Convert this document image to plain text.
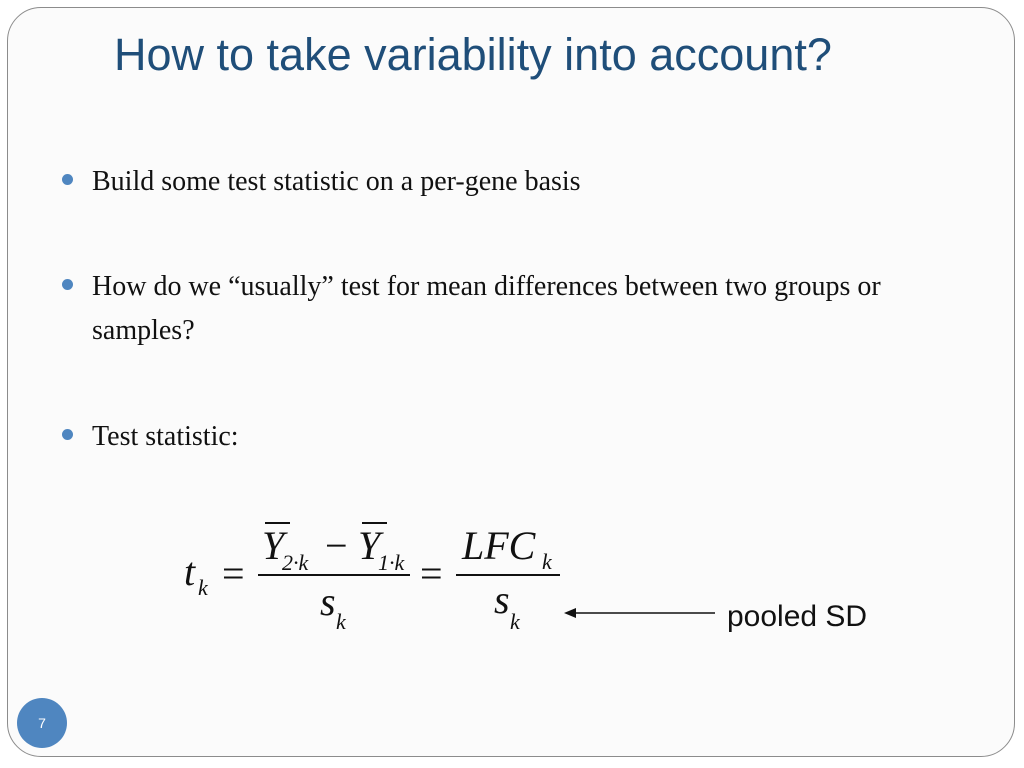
How to take variability into account?
Build some test statistic on a per-gene basis
How do we “usually” test for mean differences between two groups or samples?
Test statistic:
t k =
Y
2·k − Y
1·k
s k
=
LFC k
s k	pooled SD
7
